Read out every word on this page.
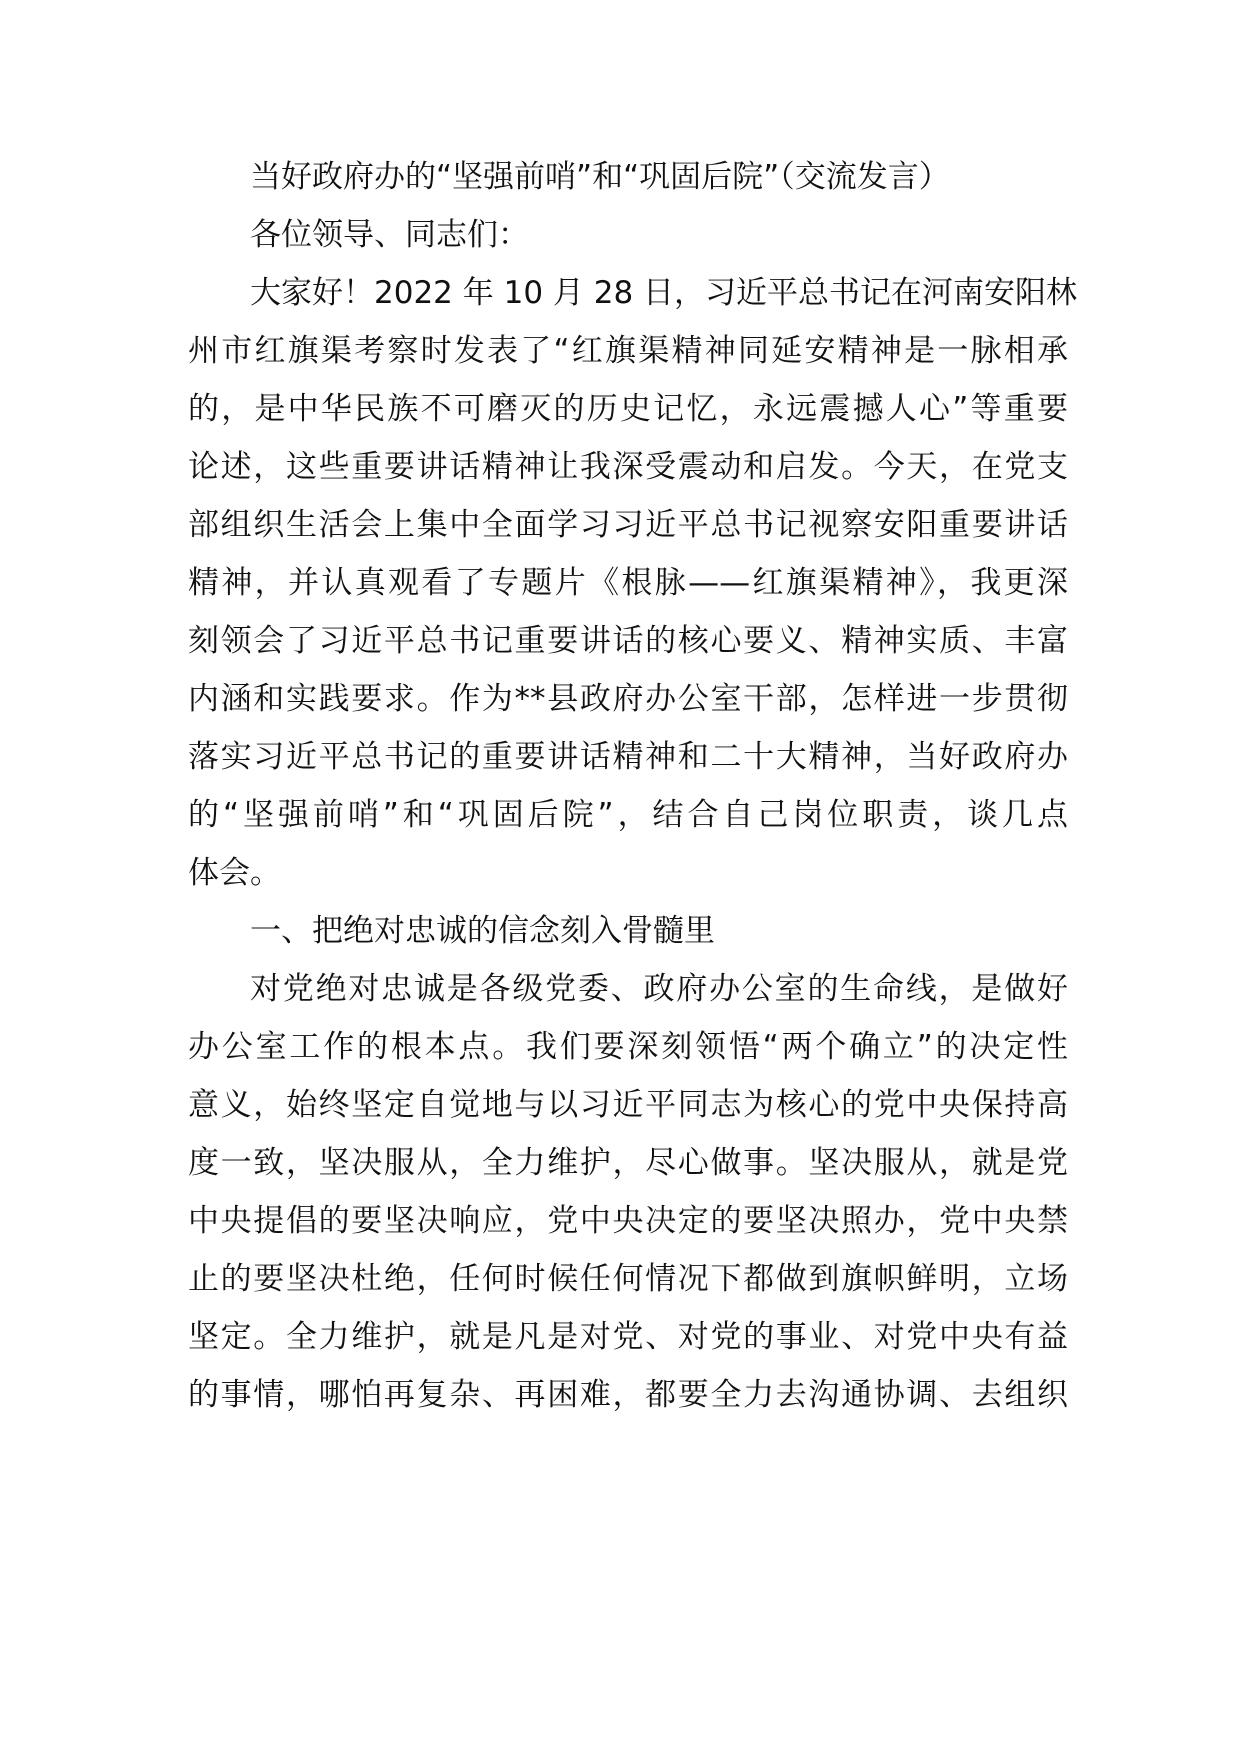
当好政府办的“坚强前哨”和“巩固后院”（交流发言）
各位领导、同志们：
大家好！2022 年 10 月 28 日，习近平总书记在河南安阳林
州市红旗渠考察时发表了“红旗渠精神同延安精神是一脉相承
的，是中华民族不可磨灭的历史记忆，永远震撼人心”等重要
论述，这些重要讲话精神让我深受震动和启发。今天，在党支
部组织生活会上集中全面学习习近平总书记视察安阳重要讲话
精神，并认真观看了专题片《根脉——红旗渠精神》，我更深
刻领会了习近平总书记重要讲话的核心要义、精神实质、丰富
内涵和实践要求。作为**县政府办公室干部，怎样进一步贯彻
落实习近平总书记的重要讲话精神和二十大精神，当好政府办
的“坚强前哨”和“巩固后院”，结合自己岗位职责，谈几点
体会。
一、把绝对忠诚的信念刻入骨髓里
对党绝对忠诚是各级党委、政府办公室的生命线，是做好
办公室工作的根本点。我们要深刻领悟“两个确立”的决定性
意义，始终坚定自觉地与以习近平同志为核心的党中央保持高
度一致，坚决服从，全力维护，尽心做事。坚决服从，就是党
中央提倡的要坚决响应，党中央决定的要坚决照办，党中央禁
止的要坚决杜绝，任何时候任何情况下都做到旗帜鲜明，立场
坚定。全力维护，就是凡是对党、对党的事业、对党中央有益
的事情，哪怕再复杂、再困难，都要全力去沟通协调、去组织
